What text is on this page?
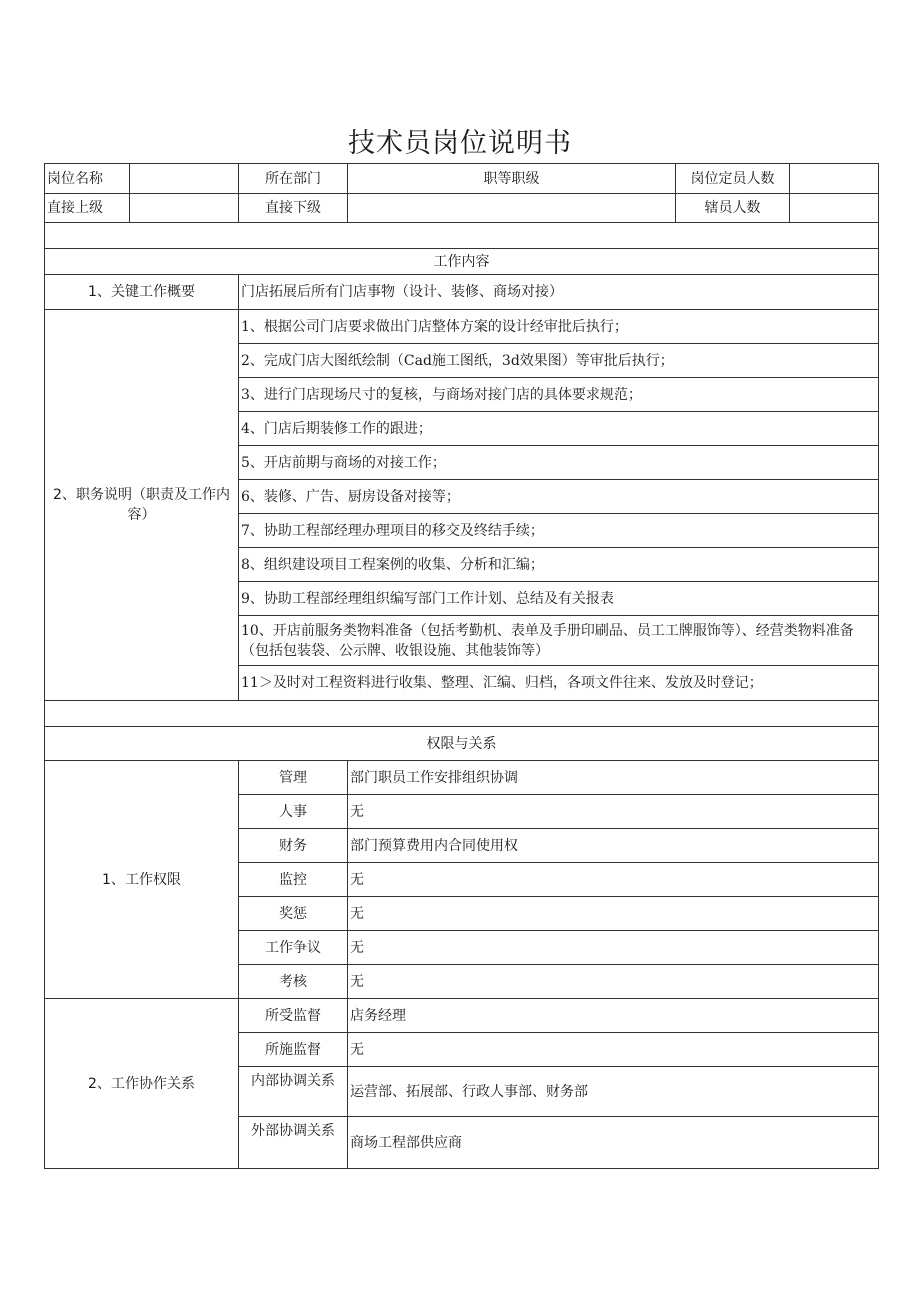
技术员岗位说明书
岗位名称		所在部门	职等职级	岗位定员人数	
直接上级		直接下级		辖员人数	

工作内容					
1、关键工作概要		门店拓展后所有门店事物（设计、装修、商场对接）			
2、职务说明（职责及工作内容）		1、根据公司门店要求做出门店整体方案的设计经审批后执行；			
		2、完成门店大图纸绘制（Cad施工图纸，3d效果图）等审批后执行；			
		3、进行门店现场尺寸的复核，与商场对接门店的具体要求规范；			
		4、门店后期装修工作的跟进；			
		5、开店前期与商场的对接工作；			
		6、装修、广告、厨房设备对接等；			
		7、协助工程部经理办理项目的移交及终结手续；			
		8、组织建设项目工程案例的收集、分析和汇编；			
		9、协助工程部经理组织编写部门工作计划、总结及有关报表			
		10、开店前服务类物料准备（包括考勤机、表单及手册印刷品、员工工牌服饰等）、经营类物料准备（包括包装袋、公示牌、收银设施、其他装饰等）			
		11＞及时对工程资料进行收集、整理、汇编、归档，各项文件往来、发放及时登记；			

权限与关系					
1、工作权限		管理	部门职员工作安排组织协调		
		人事	无		
		财务	部门预算费用内合同使用权		
		监控	无		
		奖惩	无		
		工作争议	无		
		考核	无		
2、工作协作关系		所受监督	店务经理		
		所施监督	无		
		内部协调关系	运营部、拓展部、行政人事部、财务部		
		外部协调关系	商场工程部供应商		
